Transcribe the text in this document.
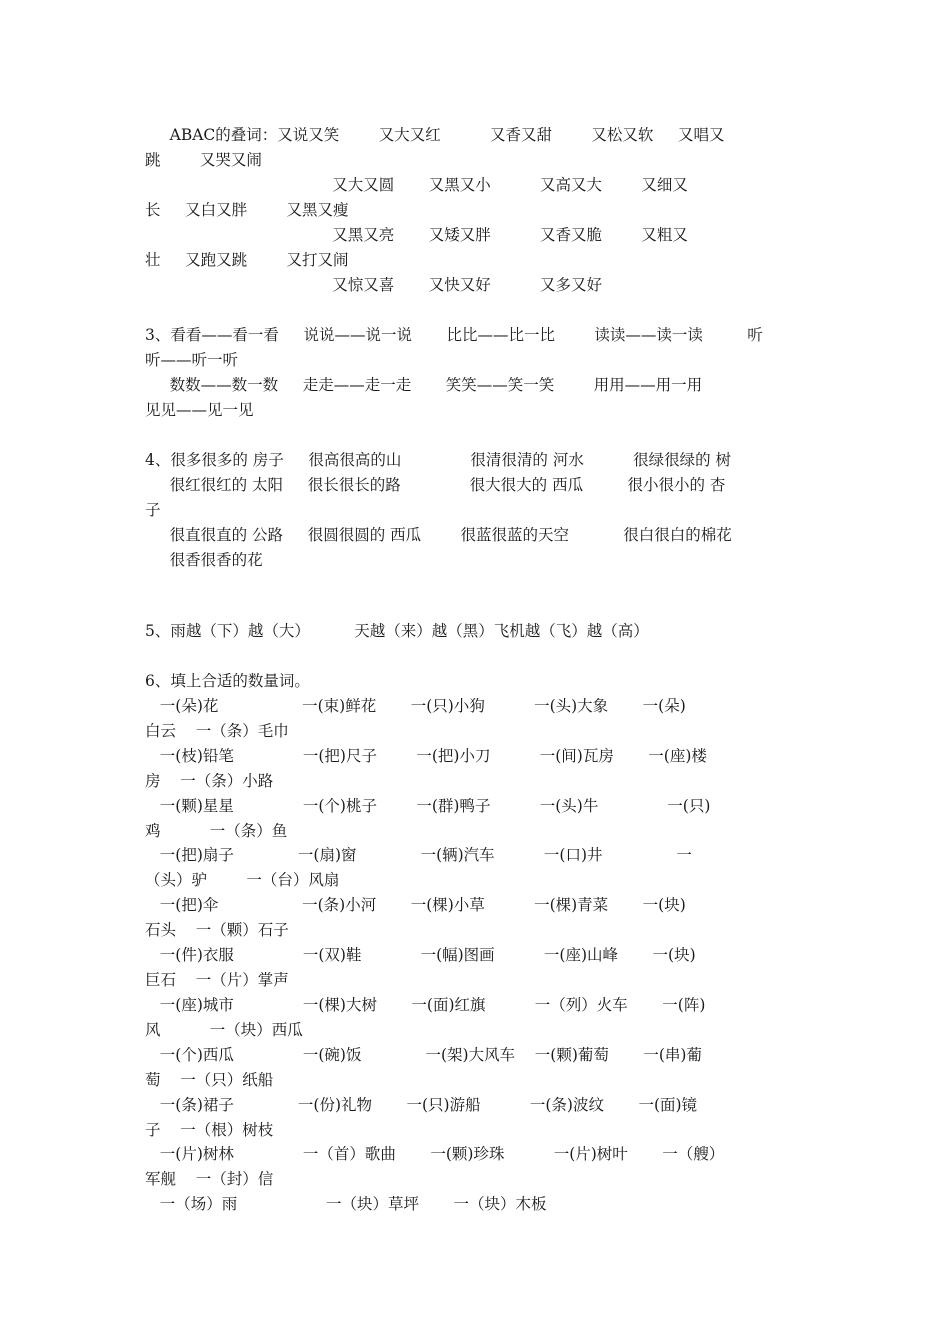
ABAC的叠词：又说又笑        又大又红          又香又甜        又松又软     又唱又
跳        又哭又闹
又大又圆       又黑又小          又高又大        又细又
长     又白又胖        又黑又瘦
又黑又亮       又矮又胖          又香又脆        又粗又
壮     又跑又跳        又打又闹
又惊又喜       又快又好          又多又好
3、看看——看一看     说说——说一说       比比——比一比        读读——读一读         听
听——听一听
数数——数一数     走走——走一走       笑笑——笑一笑        用用——用一用
见见——见一见
4、很多很多的 房子     很高很高的山              很清很清的 河水          很绿很绿的 树
很红很红的 太阳     很长很长的路              很大很大的 西瓜         很小很小的 杏
子
很直很直的 公路     很圆很圆的 西瓜        很蓝很蓝的天空           很白很白的棉花
很香很香的花
5、雨越（下）越（大）         天越（来）越（黑）飞机越（飞）越（高）
6、填上合适的数量词。
一(朵)花                 一(束)鲜花       一(只)小狗          一(头)大象       一(朵)
白云    一（条）毛巾
一(枝)铅笔              一(把)尺子        一(把)小刀          一(间)瓦房       一(座)楼
房    一（条）小路
一(颗)星星              一(个)桃子        一(群)鸭子          一(头)牛              一(只)
鸡          一（条）鱼
一(把)扇子             一(扇)窗             一(辆)汽车          一(口)井               一
（头）驴        一（台）风扇
一(把)伞                 一(条)小河       一(棵)小草          一(棵)青菜       一(块)
石头    一（颗）石子
一(件)衣服              一(双)鞋            一(幅)图画          一(座)山峰       一(块)
巨石    一（片）掌声
一(座)城市              一(棵)大树       一(面)红旗          一（列）火车       一(阵)
风          一（块）西瓜
一(个)西瓜              一(碗)饭             一(架)大风车    一(颗)葡萄       一(串)葡
萄    一（只）纸船
一(条)裙子             一(份)礼物       一(只)游船          一(条)波纹       一(面)镜
子    一（根）树枝
一(片)树林              一（首）歌曲       一(颗)珍珠          一(片)树叶       一（艘）
军舰    一（封）信
一（场）雨                  一（块）草坪       一（块）木板
